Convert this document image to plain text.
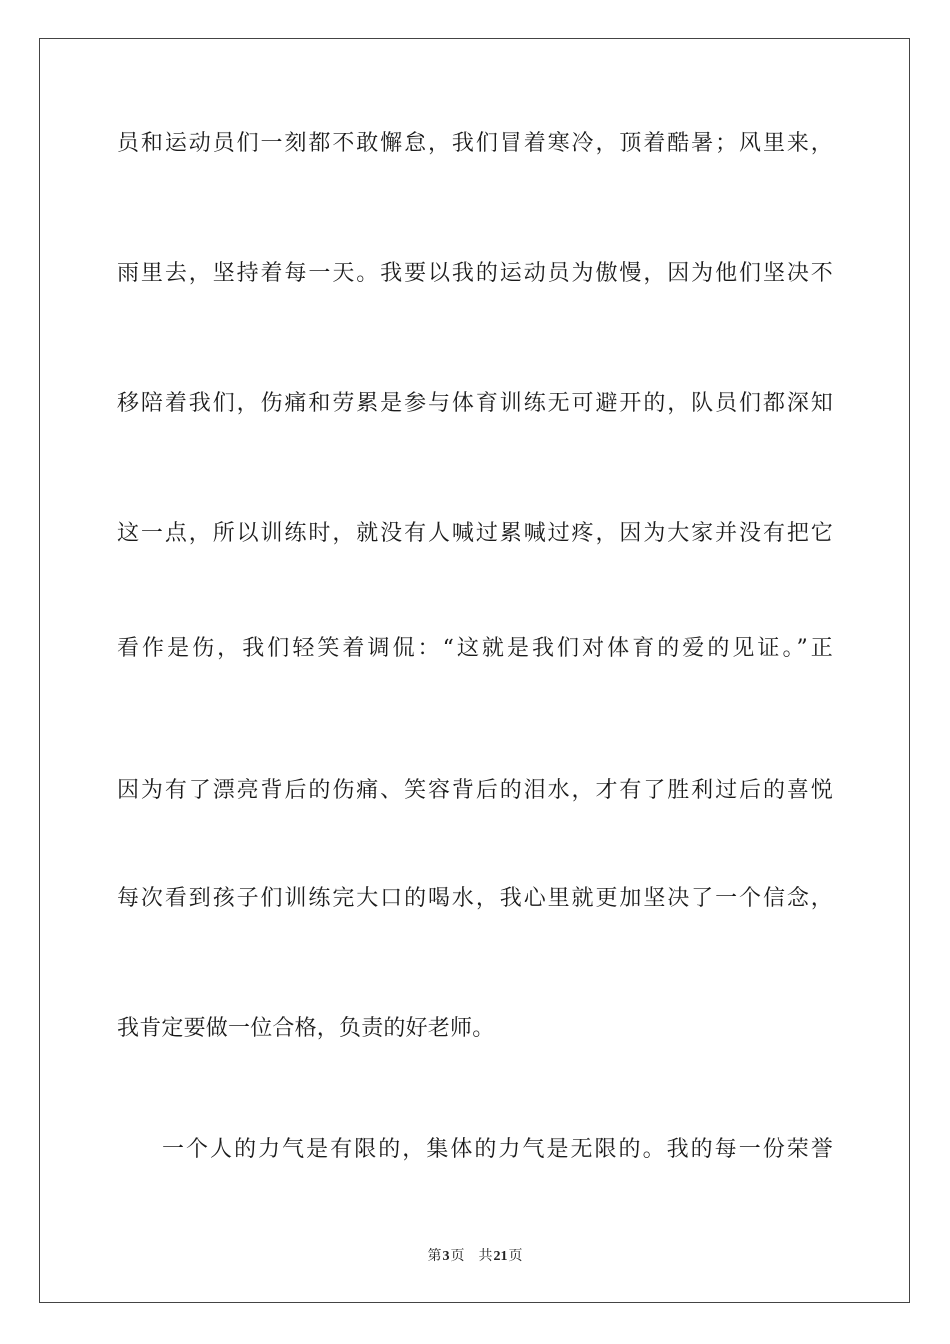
员和运动员们一刻都不敢懈怠，我们冒着寒冷，顶着酷暑；风里来，
雨里去，坚持着每一天。我要以我的运动员为傲慢，因为他们坚决不
移陪着我们，伤痛和劳累是参与体育训练无可避开的，队员们都深知
这一点，所以训练时，就没有人喊过累喊过疼，因为大家并没有把它
看作是伤，我们轻笑着调侃：“这就是我们对体育的爱的见证。”正
因为有了漂亮背后的伤痛、笑容背后的泪水，才有了胜利过后的喜悦
每次看到孩子们训练完大口的喝水，我心里就更加坚决了一个信念，
我肯定要做一位合格，负责的好老师。
一个人的力气是有限的，集体的力气是无限的。我的每一份荣誉
第3页 共21页
